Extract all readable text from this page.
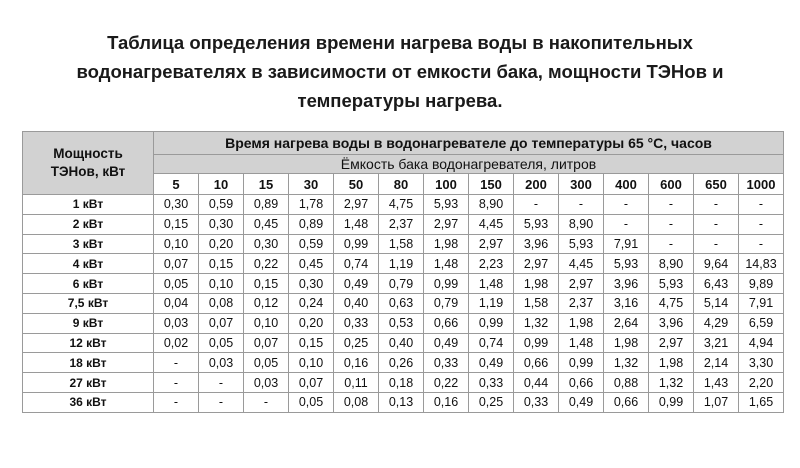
Таблица определения времени нагрева воды в накопительных
водонагревателях в зависимости от емкости бака, мощности ТЭНов и
температуры нагрева.
Мощность
ТЭНов, кВт	Время нагрева воды в водонагревателе до температуры 65 °С, часов													
	Ёмкость бака водонагревателя, литров													
	5	10	15	30	50	80	100	150	200	300	400	600	650	1000
1 кВт	0,30	0,59	0,89	1,78	2,97	4,75	5,93	8,90	-	-	-	-	-	-
2 кВт	0,15	0,30	0,45	0,89	1,48	2,37	2,97	4,45	5,93	8,90	-	-	-	-
3 кВт	0,10	0,20	0,30	0,59	0,99	1,58	1,98	2,97	3,96	5,93	7,91	-	-	-
4 кВт	0,07	0,15	0,22	0,45	0,74	1,19	1,48	2,23	2,97	4,45	5,93	8,90	9,64	14,83
6 кВт	0,05	0,10	0,15	0,30	0,49	0,79	0,99	1,48	1,98	2,97	3,96	5,93	6,43	9,89
7,5 кВт	0,04	0,08	0,12	0,24	0,40	0,63	0,79	1,19	1,58	2,37	3,16	4,75	5,14	7,91
9 кВт	0,03	0,07	0,10	0,20	0,33	0,53	0,66	0,99	1,32	1,98	2,64	3,96	4,29	6,59
12 кВт	0,02	0,05	0,07	0,15	0,25	0,40	0,49	0,74	0,99	1,48	1,98	2,97	3,21	4,94
18 кВт	-	0,03	0,05	0,10	0,16	0,26	0,33	0,49	0,66	0,99	1,32	1,98	2,14	3,30
27 кВт	-	-	0,03	0,07	0,11	0,18	0,22	0,33	0,44	0,66	0,88	1,32	1,43	2,20
36 кВт	-	-	-	0,05	0,08	0,13	0,16	0,25	0,33	0,49	0,66	0,99	1,07	1,65
